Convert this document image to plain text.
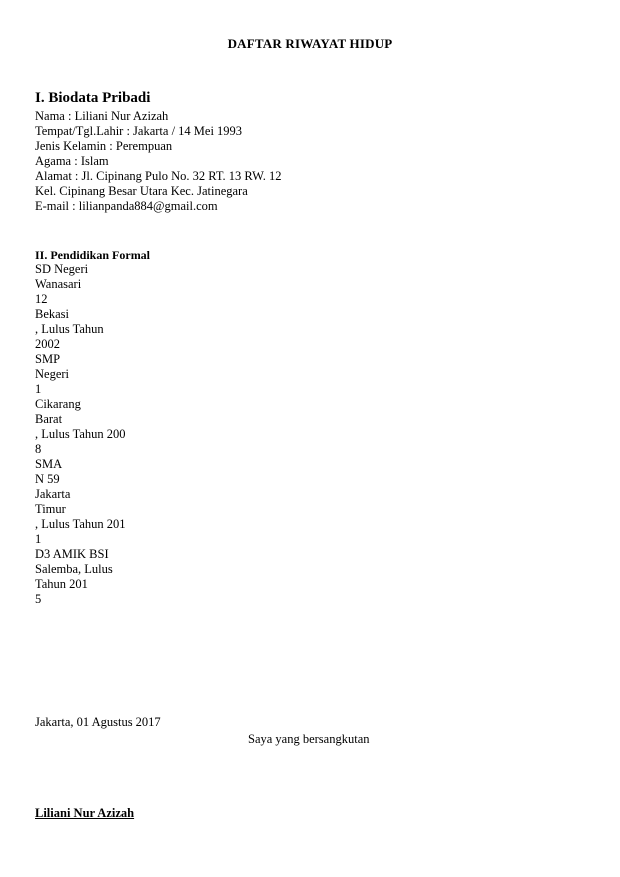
DAFTAR RIWAYAT HIDUP
I. Biodata Pribadi
Nama : Liliani Nur Azizah
Tempat/Tgl.Lahir : Jakarta / 14 Mei 1993
Jenis Kelamin : Perempuan
Agama : Islam
Alamat : Jl. Cipinang Pulo No. 32 RT. 13 RW. 12
Kel. Cipinang Besar Utara Kec. Jatinegara
E-mail : lilianpanda884@gmail.com
II. Pendidikan Formal
SD Negeri
Wanasari
12
Bekasi
, Lulus Tahun
2002
SMP
Negeri
1
Cikarang
Barat
, Lulus Tahun 200
8
SMA
N 59
Jakarta
Timur
, Lulus Tahun 201
1
D3 AMIK BSI
Salemba, Lulus
Tahun 201
5
Jakarta, 01 Agustus 2017
Saya yang bersangkutan
Liliani Nur Azizah
